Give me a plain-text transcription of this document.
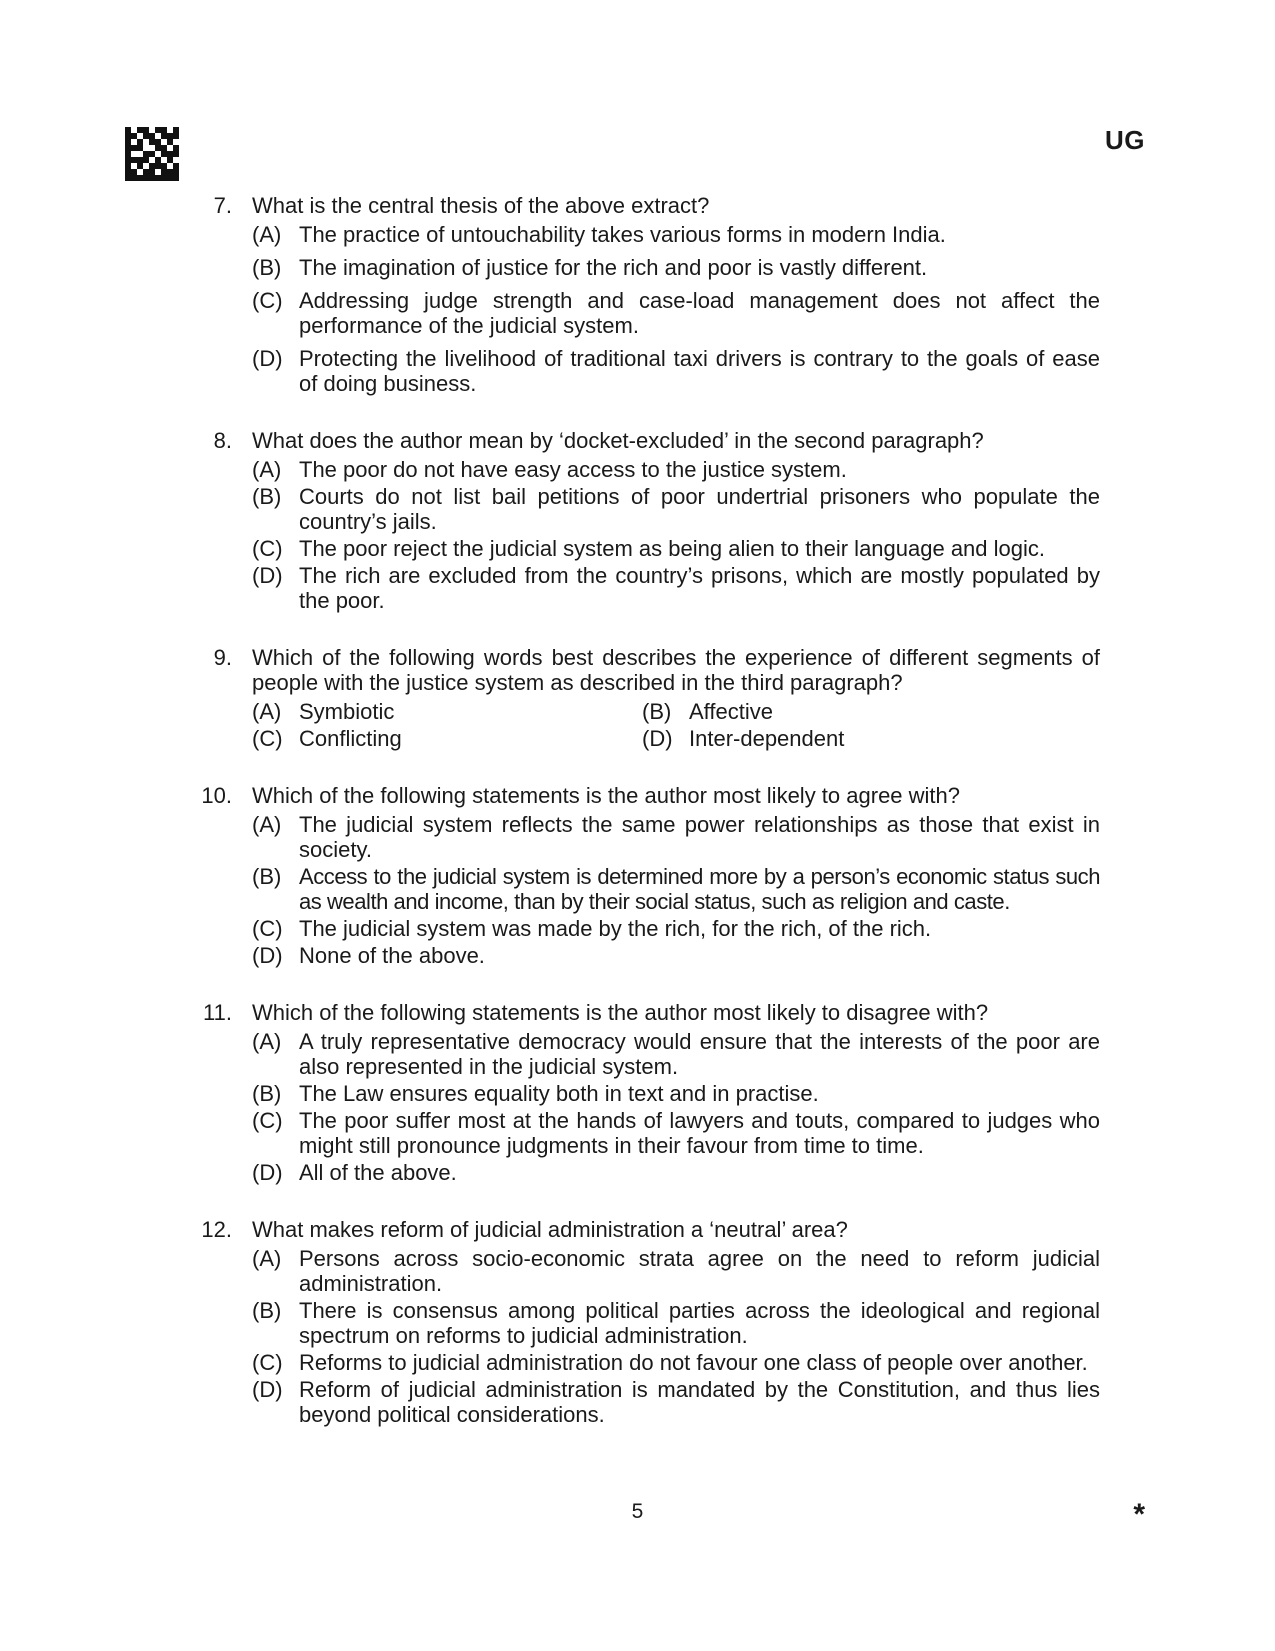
UG
7. What is the central thesis of the above extract?
(A) The practice of untouchability takes various forms in modern India.
(B) The imagination of justice for the rich and poor is vastly different.
(C) Addressing judge strength and case-load management does not affect the performance of the judicial system.
(D) Protecting the livelihood of traditional taxi drivers is contrary to the goals of ease of doing business.
8. What does the author mean by ‘docket-excluded’ in the second paragraph?
(A) The poor do not have easy access to the justice system.
(B) Courts do not list bail petitions of poor undertrial prisoners who populate the country’s jails.
(C) The poor reject the judicial system as being alien to their language and logic.
(D) The rich are excluded from the country’s prisons, which are mostly populated by the poor.
9. Which of the following words best describes the experience of different segments of people with the justice system as described in the third paragraph?
(A) Symbiotic	(B) Affective
(C) Conflicting	(D) Inter-dependent
10. Which of the following statements is the author most likely to agree with?
(A) The judicial system reflects the same power relationships as those that exist in society.
(B) Access to the judicial system is determined more by a person’s economic status such as wealth and income, than by their social status, such as religion and caste.
(C) The judicial system was made by the rich, for the rich, of the rich.
(D) None of the above.
11. Which of the following statements is the author most likely to disagree with?
(A) A truly representative democracy would ensure that the interests of the poor are also represented in the judicial system.
(B) The Law ensures equality both in text and in practise.
(C) The poor suffer most at the hands of lawyers and touts, compared to judges who might still pronounce judgments in their favour from time to time.
(D) All of the above.
12. What makes reform of judicial administration a ‘neutral’ area?
(A) Persons across socio-economic strata agree on the need to reform judicial administration.
(B) There is consensus among political parties across the ideological and regional spectrum on reforms to judicial administration.
(C) Reforms to judicial administration do not favour one class of people over another.
(D) Reform of judicial administration is mandated by the Constitution, and thus lies beyond political considerations.
5	*
